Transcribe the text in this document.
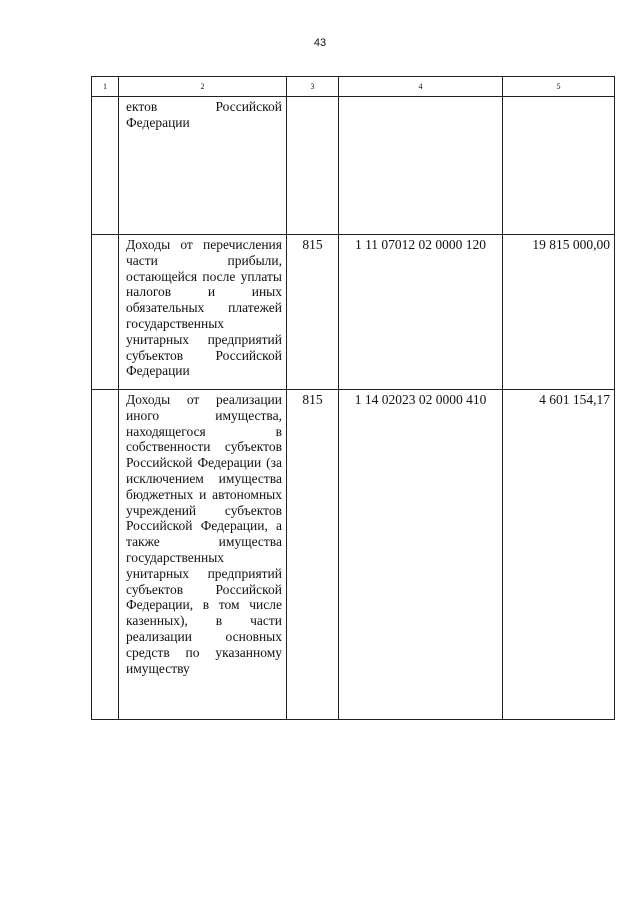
43
1	2	3	4	5
	ектов Российской Федерации			
	Доходы от перечисления части прибыли, остающейся после уплаты налогов и иных обязательных платежей государственных унитарных предприятий субъектов Российской Федерации	815	1 11 07012 02 0000 120	19 815 000,00
	Доходы от реализации иного имущества, находящегося в собственности субъектов Российской Федерации (за исключением имущества бюджетных и автономных учреждений субъектов Российской Федерации, а также имущества государственных унитарных предприятий субъектов Российской Федерации, в том числе казенных), в части реализации основных средств по указанному имуществу	815	1 14 02023 02 0000 410	4 601 154,17
